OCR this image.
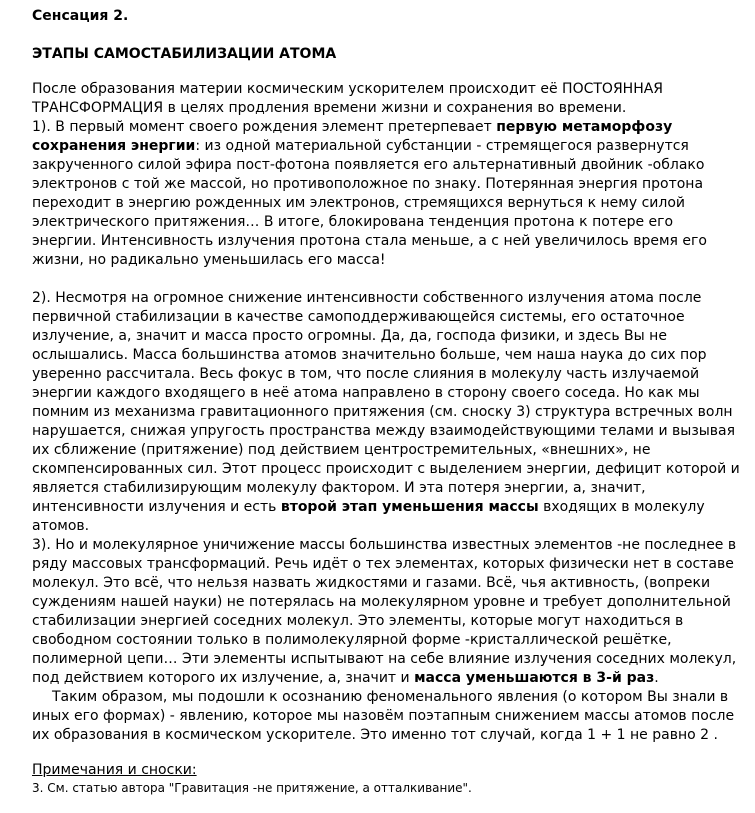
Сенсация 2.

ЭТАПЫ САМОСТАБИЛИЗАЦИИ АТОМА

После образования материи космическим ускорителем происходит её ПОСТОЯННАЯ ТРАНСФОРМАЦИЯ в целях продления времени жизни и сохранения во времени.

1). В первый момент своего рождения элемент претерпевает первую метаморфозу сохранения энергии: из одной материальной субстанции - стремящегося развернутся закрученного силой эфира пост-фотона появляется его альтернативный двойник -облако электронов с той же массой, но противоположное по знаку. Потерянная энергия протона переходит в энергию рожденных им электронов, стремящихся вернуться к нему силой электрического притяжения… В итоге, блокирована тенденция протона к потере его энергии. Интенсивность излучения протона стала меньше, а с ней увеличилось время его жизни, но радикально уменьшилась его масса!

2). Несмотря на огромное снижение интенсивности собственного излучения атома после первичной стабилизации в качестве самоподдерживающейся системы, его остаточное излучение, а, значит и масса просто огромны. Да, да, господа физики, и здесь Вы не ослышались. Масса большинства атомов значительно больше, чем наша наука до сих пор уверенно рассчитала. Весь фокус в том, что после слияния в молекулу часть излучаемой энергии каждого входящего в неё атома направлено в сторону своего соседа. Но как мы помним из механизма гравитационного притяжения (см. сноску 3) структура встречных волн нарушается, снижая упругость пространства между взаимодействующими телами и вызывая их сближение (притяжение) под действием центростремительных, «внешних», не скомпенсированных сил. Этот процесс происходит с выделением энергии, дефицит которой и является стабилизирующим молекулу фактором. И эта потеря энергии, а, значит, интенсивности излучения и есть второй этап уменьшения массы входящих в молекулу атомов.

3). Но и молекулярное уничижение массы большинства известных элементов -не последнее в ряду массовых трансформаций. Речь идёт о тех элементах, которых физически нет в составе молекул. Это всё, что нельзя назвать жидкостями и газами. Всё, чья активность, (вопреки суждениям нашей науки) не потерялась на молекулярном уровне и требует дополнительной стабилизации энергией соседних молекул. Это элементы, которые могут находиться в свободном состоянии только в полимолекулярной форме -кристаллической решётке, полимерной цепи… Эти элементы испытывают на себе влияние излучения соседних молекул, под действием которого их излучение, а, значит и масса уменьшаются в 3-й раз.

Таким образом, мы подошли к осознанию феноменального явления (о котором Вы знали в иных его формах) - явлению, которое мы назовём поэтапным снижением массы атомов после их образования в космическом ускорителе. Это именно тот случай, когда 1 + 1 не равно 2 .

Примечания и сноски:

3. См. статью автора "Гравитация -не притяжение, а отталкивание".
